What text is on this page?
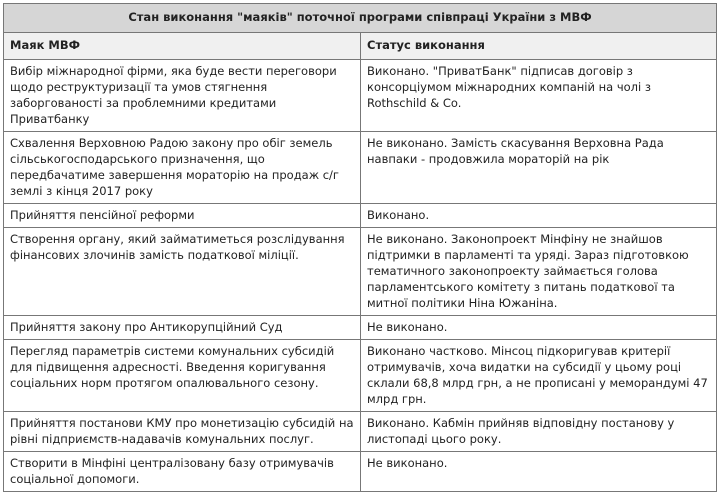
Стан виконання "маяків" поточної програми співпраці України з МВФ	
Маяк МВФ	Статус виконання
Вибір міжнародної фірми, яка буде вести переговори щодо реструктуризації та умов стягнення заборгованості за проблемними кредитами Приватбанку	Виконано. "ПриватБанк" підписав договір з консорціумом міжнародних компаній на чолі з Rothschild & Co.
Схвалення Верховною Радою закону про обіг земель сільськогосподарського призначення, що передбачатиме завершення мораторію на продаж с/г землі з кінця 2017 року	Не виконано. Замість скасування Верховна Рада навпаки - продовжила мораторій на рік
Прийняття пенсійної реформи	Виконано.
Створення органу, який займатиметься розслідування фінансових злочинів замість податкової міліції.	Не виконано. Законопроект Мінфіну не знайшов підтримки в парламенті та уряді. Зараз підготовкою тематичного законопроекту займається голова парламентського комітету з питань податкової та митної політики Ніна Южаніна.
Прийняття закону про Антикорупційний Суд	Не виконано.
Перегляд параметрів системи комунальних субсидій для підвищення адресності. Введення коригування соціальних норм протягом опалювального сезону.	Виконано частково. Мінсоц підкоригував критерії отримувачів, хоча видатки на субсидії у цьому році склали 68,8 млрд грн, а не прописані у меморандумі 47 млрд грн.
Прийняття постанови КМУ про монетизацію субсидій на рівні підприємств-надавачів комунальних послуг.	Виконано. Кабмін прийняв відповідну постанову у листопаді цього року.
Створити в Мінфіні централізовану базу отримувачів соціальної допомоги.	Не виконано.
